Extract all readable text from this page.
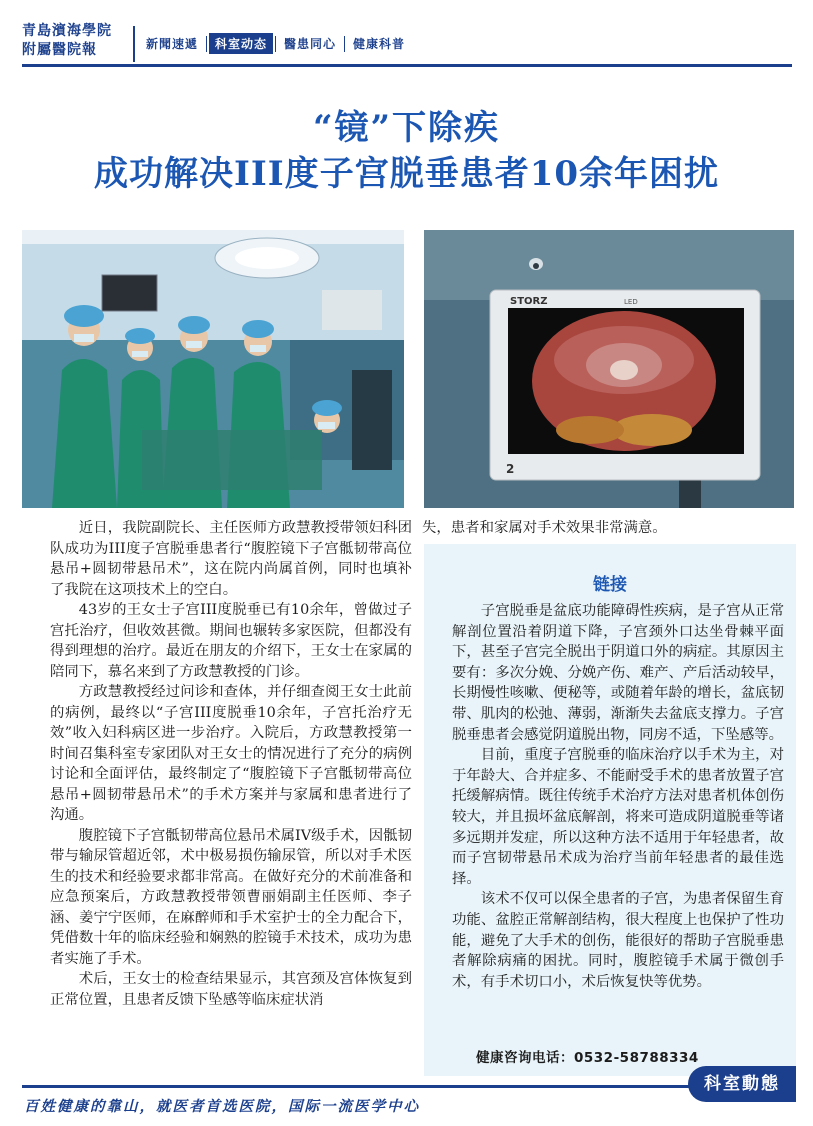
青島濱海學院
附屬醫院報	新聞速遞	科室动态	醫患同心	健康科普
“镜”下除疾
成功解决III度子宫脱垂患者10余年困扰
STORZ	LED
2

近日，我院副院长、主任医师方政慧教授带领妇科团队成功为III度子宫脱垂患者行“腹腔镜下子宫骶韧带高位悬吊+圆韧带悬吊术”，这在院内尚属首例，同时也填补了我院在这项技术上的空白。

43岁的王女士子宫III度脱垂已有10余年，曾做过子宫托治疗，但收效甚微。期间也辗转多家医院，但都没有得到理想的治疗。最近在朋友的介绍下，王女士在家属的陪同下，慕名来到了方政慧教授的门诊。

方政慧教授经过问诊和查体，并仔细查阅王女士此前的病例，最终以“子宫III度脱垂10余年，子宫托治疗无效”收入妇科病区进一步治疗。入院后，方政慧教授第一时间召集科室专家团队对王女士的情况进行了充分的病例讨论和全面评估，最终制定了“腹腔镜下子宫骶韧带高位悬吊+圆韧带悬吊术”的手术方案并与家属和患者进行了沟通。

腹腔镜下子宫骶韧带高位悬吊术属IV级手术，因骶韧带与输尿管超近邻，术中极易损伤输尿管，所以对手术医生的技术和经验要求都非常高。在做好充分的术前准备和应急预案后，方政慧教授带领曹丽娟副主任医师、李子涵、姜宁宁医师，在麻醉师和手术室护士的全力配合下，凭借数十年的临床经验和娴熟的腔镜手术技术，成功为患者实施了手术。

术后，王女士的检查结果显示，其宫颈及宫体恢复到正常位置，且患者反馈下坠感等临床症状消

失，患者和家属对手术效果非常满意。
链接

子宫脱垂是盆底功能障碍性疾病，是子宫从正常解剖位置沿着阴道下降，子宫颈外口达坐骨棘平面下，甚至子宫完全脱出于阴道口外的病症。其原因主要有：多次分娩、分娩产伤、难产、产后活动较早，长期慢性咳嗽、便秘等，或随着年龄的增长，盆底韧带、肌肉的松弛、薄弱，渐渐失去盆底支撑力。子宫脱垂患者会感觉阴道脱出物，同房不适，下坠感等。

目前，重度子宫脱垂的临床治疗以手术为主，对于年龄大、合并症多、不能耐受手术的患者放置子宫托缓解病情。既往传统手术治疗方法对患者机体创伤较大，并且损坏盆底解剖，将来可造成阴道脱垂等诸多远期并发症，所以这种方法不适用于年轻患者，故而子宫韧带悬吊术成为治疗当前年轻患者的最佳选择。

该术不仅可以保全患者的子宫，为患者保留生育功能、盆腔正常解剖结构，很大程度上也保护了性功能，避免了大手术的创伤，能很好的帮助子宫脱垂患者解除病痛的困扰。同时，腹腔镜手术属于微创手术，有手术切口小，术后恢复快等优势。

健康咨询电话：0532-58788334
科室動態
百姓健康的靠山，就医者首选医院，国际一流医学中心
